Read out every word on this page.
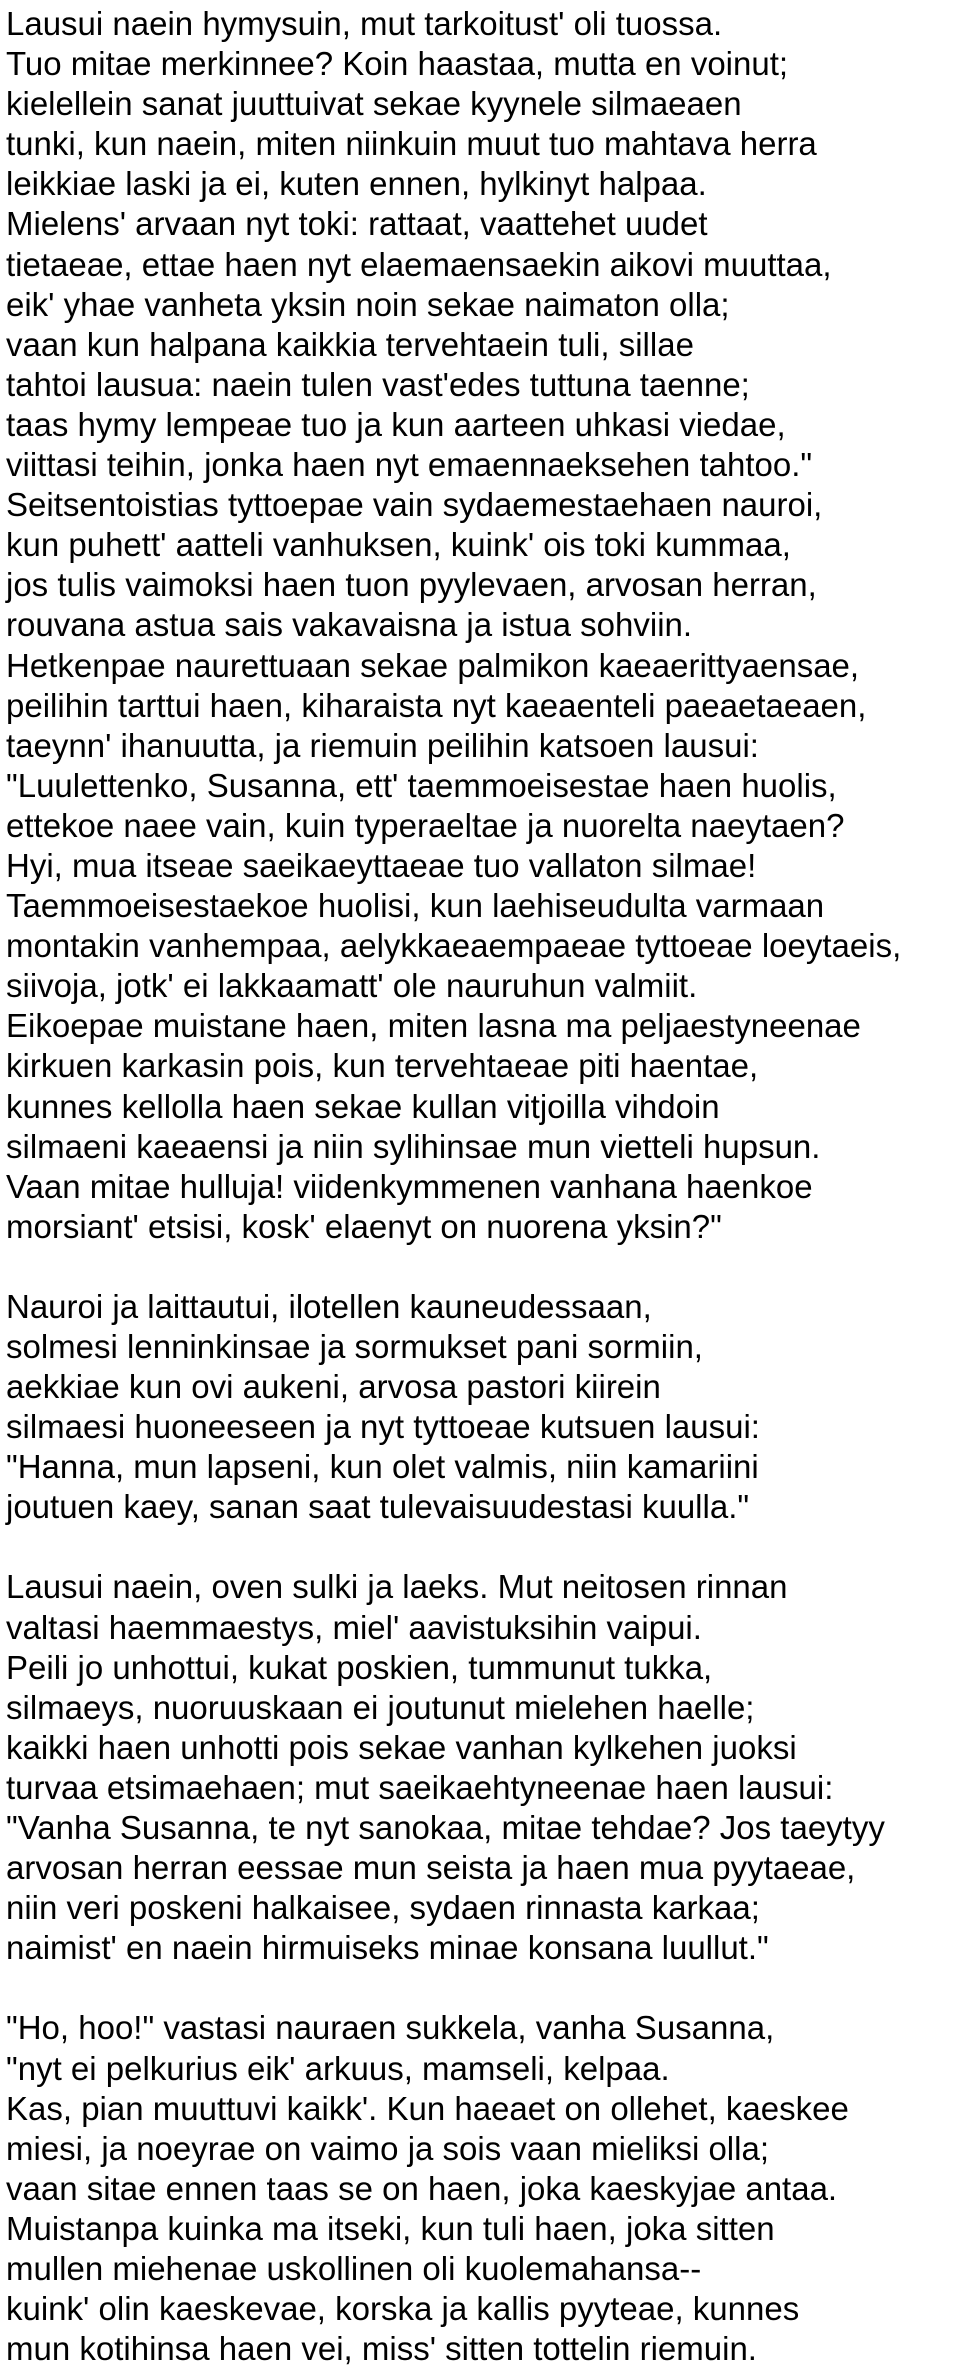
Lausui naein hymysuin, mut tarkoitust' oli tuossa.
Tuo mitae merkinnee? Koin haastaa, mutta en voinut;
kielellein sanat juuttuivat sekae kyynele silmaeaen
tunki, kun naein, miten niinkuin muut tuo mahtava herra
leikkiae laski ja ei, kuten ennen, hylkinyt halpaa.
Mielens' arvaan nyt toki: rattaat, vaattehet uudet
tietaeae, ettae haen nyt elaemaensaekin aikovi muuttaa,
eik' yhae vanheta yksin noin sekae naimaton olla;
vaan kun halpana kaikkia tervehtaein tuli, sillae
tahtoi lausua: naein tulen vast'edes tuttuna taenne;
taas hymy lempeae tuo ja kun aarteen uhkasi viedae,
viittasi teihin, jonka haen nyt emaennaeksehen tahtoo."
Seitsentoistias tyttoepae vain sydaemestaehaen nauroi,
kun puhett' aatteli vanhuksen, kuink' ois toki kummaa,
jos tulis vaimoksi haen tuon pyylevaen, arvosan herran,
rouvana astua sais vakavaisna ja istua sohviin.
Hetkenpae naurettuaan sekae palmikon kaeaerittyaensae,
peilihin tarttui haen, kiharaista nyt kaeaenteli paeaetaeaen,
taeynn' ihanuutta, ja riemuin peilihin katsoen lausui:
"Luulettenko, Susanna, ett' taemmoeisestae haen huolis,
ettekoe naee vain, kuin typeraeltae ja nuorelta naeytaen?
Hyi, mua itseae saeikaeyttaeae tuo vallaton silmae!
Taemmoeisestaekoe huolisi, kun laehiseudulta varmaan
montakin vanhempaa, aelykkaeaempaeae tyttoeae loeytaeis,
siivoja, jotk' ei lakkaamatt' ole nauruhun valmiit.
Eikoepae muistane haen, miten lasna ma peljaestyneenae
kirkuen karkasin pois, kun tervehtaeae piti haentae,
kunnes kellolla haen sekae kullan vitjoilla vihdoin
silmaeni kaeaensi ja niin sylihinsae mun vietteli hupsun.
Vaan mitae hulluja! viidenkymmenen vanhana haenkoe
morsiant' etsisi, kosk' elaenyt on nuorena yksin?"
Nauroi ja laittautui, ilotellen kauneudessaan,
solmesi lenninkinsae ja sormukset pani sormiin,
aekkiae kun ovi aukeni, arvosa pastori kiirein
silmaesi huoneeseen ja nyt tyttoeae kutsuen lausui:
"Hanna, mun lapseni, kun olet valmis, niin kamariini
joutuen kaey, sanan saat tulevaisuudestasi kuulla."
Lausui naein, oven sulki ja laeks. Mut neitosen rinnan
valtasi haemmaestys, miel' aavistuksihin vaipui.
Peili jo unhottui, kukat poskien, tummunut tukka,
silmaeys, nuoruuskaan ei joutunut mielehen haelle;
kaikki haen unhotti pois sekae vanhan kylkehen juoksi
turvaa etsimaehaen; mut saeikaehtyneenae haen lausui:
"Vanha Susanna, te nyt sanokaa, mitae tehdae? Jos taeytyy
arvosan herran eessae mun seista ja haen mua pyytaeae,
niin veri poskeni halkaisee, sydaen rinnasta karkaa;
naimist' en naein hirmuiseks minae konsana luullut."
"Ho, hoo!" vastasi nauraen sukkela, vanha Susanna,
"nyt ei pelkurius eik' arkuus, mamseli, kelpaa.
Kas, pian muuttuvi kaikk'. Kun haeaet on ollehet, kaeskee
miesi, ja noeyrae on vaimo ja sois vaan mieliksi olla;
vaan sitae ennen taas se on haen, joka kaeskyjae antaa.
Muistanpa kuinka ma itseki, kun tuli haen, joka sitten
mullen miehenae uskollinen oli kuolemahansa--
kuink' olin kaeskevae, korska ja kallis pyyteae, kunnes
mun kotihinsa haen vei, miss' sitten tottelin riemuin.
